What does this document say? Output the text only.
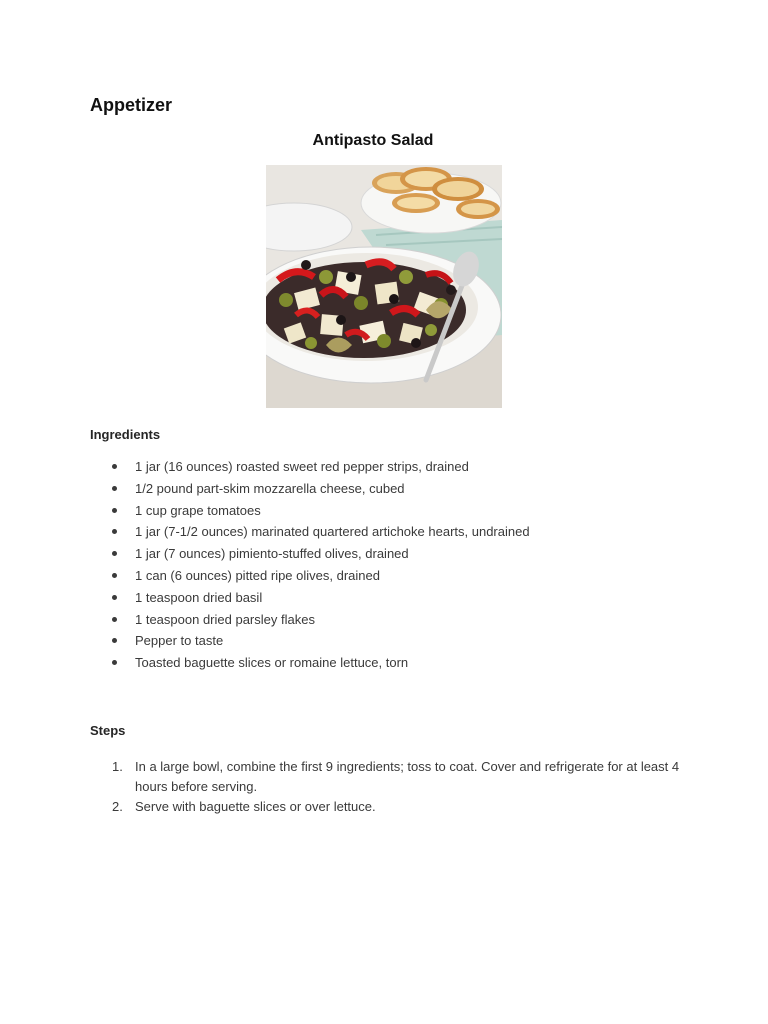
Appetizer
Antipasto Salad
Ingredients
1 jar (16 ounces) roasted sweet red pepper strips, drained
1/2 pound part-skim mozzarella cheese, cubed
1 cup grape tomatoes
1 jar (7-1/2 ounces) marinated quartered artichoke hearts, undrained
1 jar (7 ounces) pimiento-stuffed olives, drained
1 can (6 ounces) pitted ripe olives, drained
1 teaspoon dried basil
1 teaspoon dried parsley flakes
Pepper to taste
Toasted baguette slices or romaine lettuce, torn
Steps
1. In a large bowl, combine the first 9 ingredients; toss to coat. Cover and refrigerate for at least 4 hours before serving.
2. Serve with baguette slices or over lettuce.
